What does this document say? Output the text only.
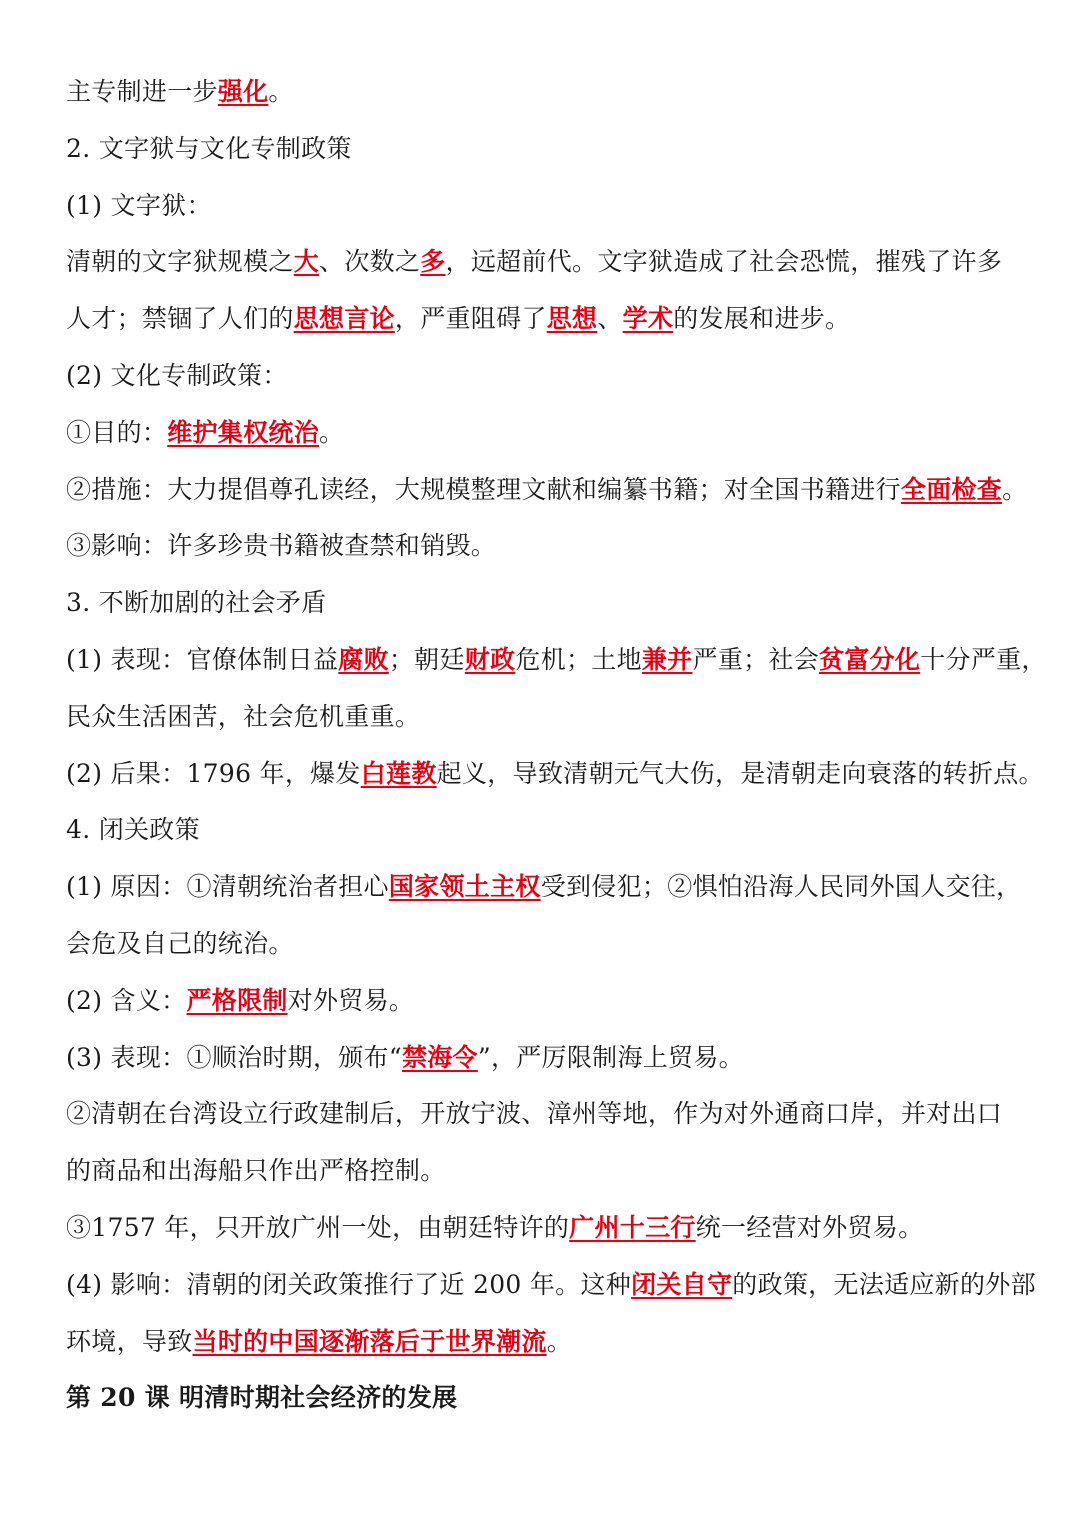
主专制进一步强化。
2. 文字狱与文化专制政策
(1) 文字狱：
清朝的文字狱规模之大、次数之多，远超前代。文字狱造成了社会恐慌，摧残了许多
人才；禁锢了人们的思想言论，严重阻碍了思想、学术的发展和进步。
(2) 文化专制政策：
①目的：维护集权统治。
②措施：大力提倡尊孔读经，大规模整理文献和编纂书籍；对全国书籍进行全面检查。
③影响：许多珍贵书籍被查禁和销毁。
3. 不断加剧的社会矛盾
(1) 表现：官僚体制日益腐败；朝廷财政危机；土地兼并严重；社会贫富分化十分严重，
民众生活困苦，社会危机重重。
(2) 后果：1796 年，爆发白莲教起义，导致清朝元气大伤，是清朝走向衰落的转折点。
4. 闭关政策
(1) 原因：①清朝统治者担心国家领土主权受到侵犯；②惧怕沿海人民同外国人交往，
会危及自己的统治。
(2) 含义：严格限制对外贸易。
(3) 表现：①顺治时期，颁布“禁海令”，严厉限制海上贸易。
②清朝在台湾设立行政建制后，开放宁波、漳州等地，作为对外通商口岸，并对出口
的商品和出海船只作出严格控制。
③1757 年，只开放广州一处，由朝廷特许的广州十三行统一经营对外贸易。
(4) 影响：清朝的闭关政策推行了近 200 年。这种闭关自守的政策，无法适应新的外部
环境，导致当时的中国逐渐落后于世界潮流。
第 20 课 明清时期社会经济的发展
